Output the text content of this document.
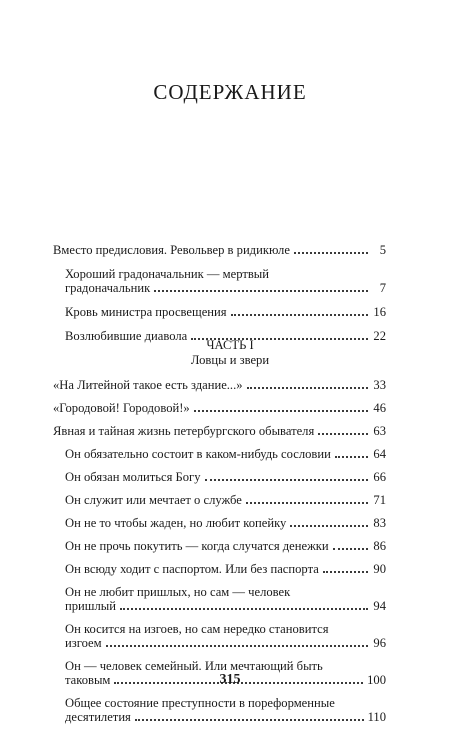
СОДЕРЖАНИЕ
Вместо предисловия. Револьвер в ридикюле	5
Хороший градоначальник — мертвый
градоначальник	7
Кровь министра просвещения	16
Возлюбившие диавола	22
ЧАСТЬ I
Ловцы и звери
«На Литейной такое есть здание...»	33
«Городовой! Городовой!»	46
Явная и тайная жизнь петербургского обывателя	63
Он обязательно состоит в каком-нибудь сословии	64
Он обязан молиться Богу	66
Он служит или мечтает о службе	71
Он не то чтобы жаден, но любит копейку	83
Он не прочь покутить — когда случатся денежки	86
Он всюду ходит с паспортом. Или без паспорта	90
Он не любит пришлых, но сам — человек
пришлый	94
Он косится на изгоев, но сам нередко становится
изгоем	96
Он — человек семейный. Или мечтающий быть
таковым	100
Общее состояние преступности в пореформенные
десятилетия	110
315
